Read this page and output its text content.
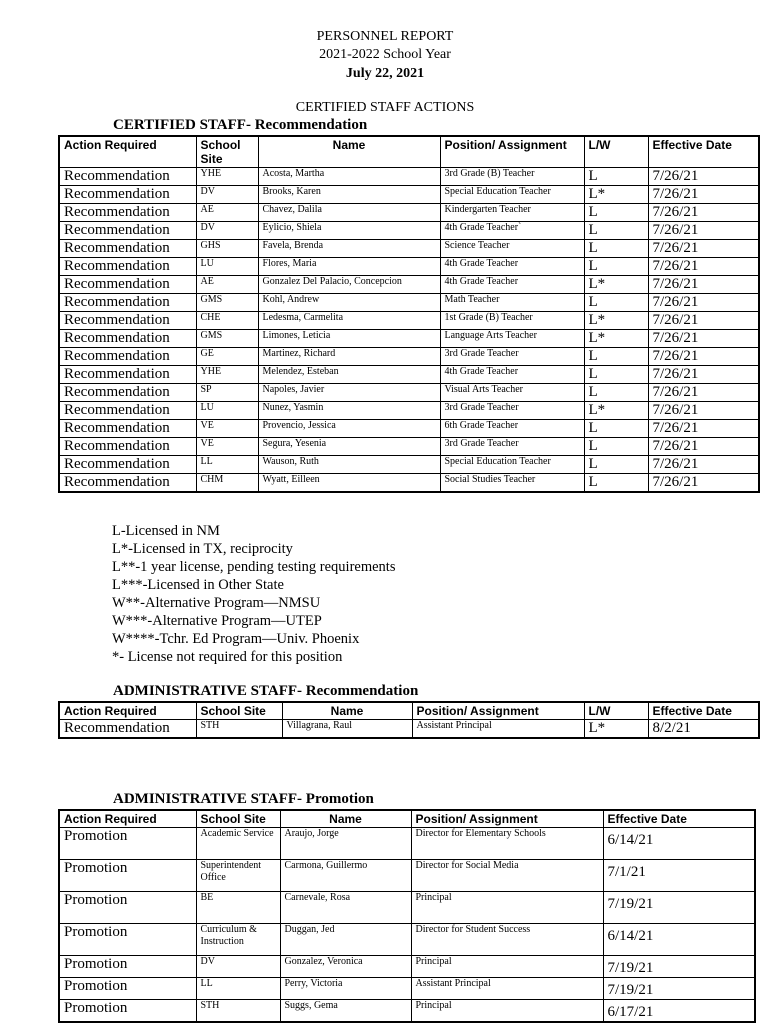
PERSONNEL REPORT
2021-2022 School Year
July 22, 2021
CERTIFIED STAFF ACTIONS
CERTIFIED STAFF- Recommendation
Action Required	School Site	Name	Position/ Assignment	L/W	Effective Date
Recommendation	YHE	Acosta, Martha	3rd Grade (B) Teacher	L	7/26/21
Recommendation	DV	Brooks, Karen	Special Education Teacher	L*	7/26/21
Recommendation	AE	Chavez, Dalila	Kindergarten Teacher	L	7/26/21
Recommendation	DV	Eylicio, Shiela	4th Grade Teacher`	L	7/26/21
Recommendation	GHS	Favela, Brenda	Science Teacher	L	7/26/21
Recommendation	LU	Flores, Maria	4th Grade Teacher	L	7/26/21
Recommendation	AE	Gonzalez Del Palacio, Concepcion	4th Grade Teacher	L*	7/26/21
Recommendation	GMS	Kohl, Andrew	Math Teacher	L	7/26/21
Recommendation	CHE	Ledesma, Carmelita	1st Grade (B) Teacher	L*	7/26/21
Recommendation	GMS	Limones, Leticia	Language Arts Teacher	L*	7/26/21
Recommendation	GE	Martinez, Richard	3rd Grade Teacher	L	7/26/21
Recommendation	YHE	Melendez, Esteban	4th Grade Teacher	L	7/26/21
Recommendation	SP	Napoles, Javier	Visual Arts Teacher	L	7/26/21
Recommendation	LU	Nunez, Yasmin	3rd Grade Teacher	L*	7/26/21
Recommendation	VE	Provencio, Jessica	6th Grade Teacher	L	7/26/21
Recommendation	VE	Segura, Yesenia	3rd Grade Teacher	L	7/26/21
Recommendation	LL	Wauson, Ruth	Special Education Teacher	L	7/26/21
Recommendation	CHM	Wyatt, Eilleen	Social Studies Teacher	L	7/26/21
L-Licensed in NM
L*-Licensed in TX, reciprocity
L**-1 year license, pending testing requirements
L***-Licensed in Other State
W**-Alternative Program—NMSU
W***-Alternative Program—UTEP
W****-Tchr. Ed Program—Univ. Phoenix
*- License not required for this position
ADMINISTRATIVE STAFF- Recommendation
Action Required	School Site	Name	Position/ Assignment	L/W	Effective Date
Recommendation	STH	Villagrana, Raul	Assistant Principal	L*	8/2/21
ADMINISTRATIVE STAFF- Promotion
Action Required	School Site	Name	Position/ Assignment	Effective Date
Promotion	Academic Service	Araujo, Jorge	Director for Elementary Schools	6/14/21
Promotion	Superintendent Office	Carmona, Guillermo	Director for Social Media	7/1/21
Promotion	BE	Carnevale, Rosa	Principal	7/19/21
Promotion	Curriculum & Instruction	Duggan, Jed	Director for Student Success	6/14/21
Promotion	DV	Gonzalez, Veronica	Principal	7/19/21
Promotion	LL	Perry, Victoria	Assistant Principal	7/19/21
Promotion	STH	Suggs, Gema	Principal	6/17/21
